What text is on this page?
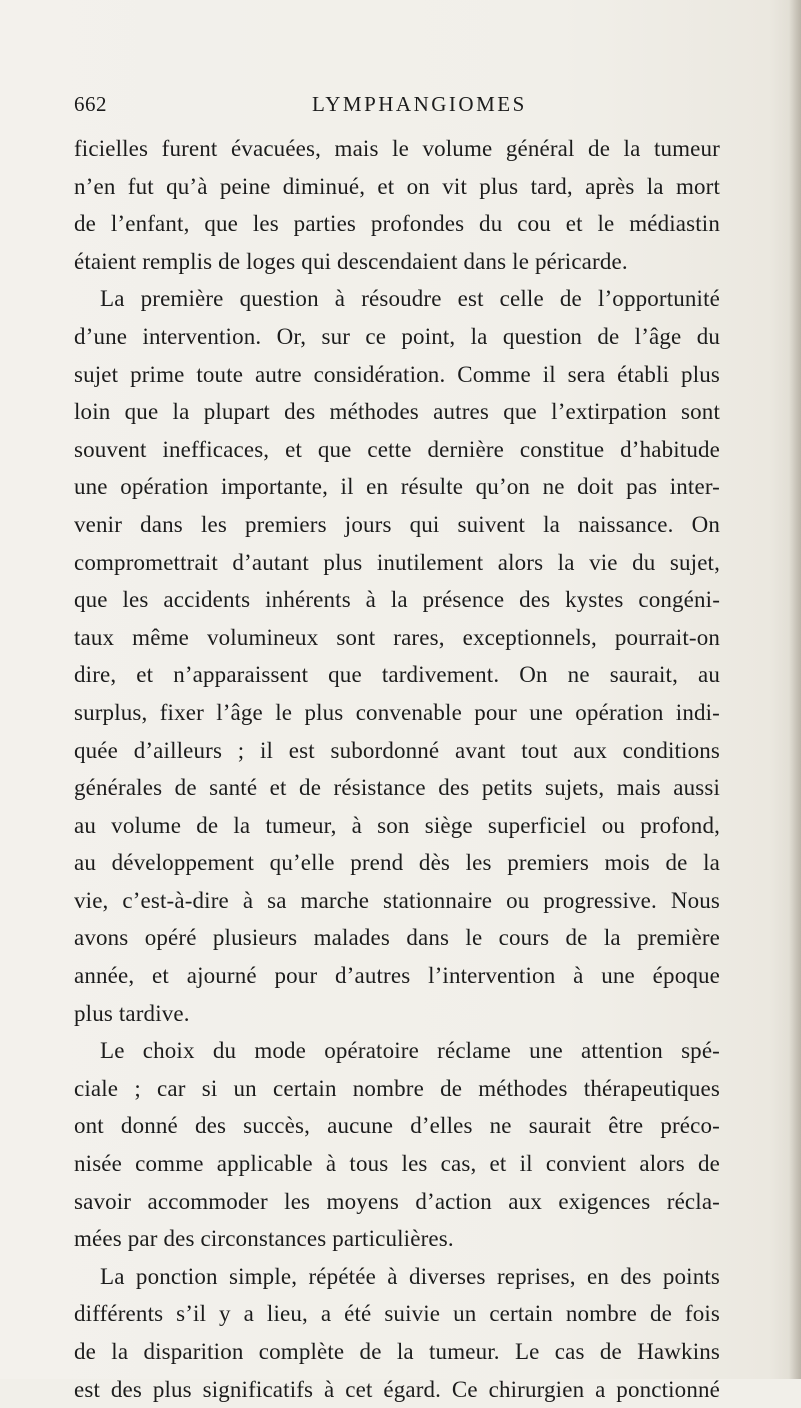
662	LYMPHANGIOMES
ficielles furent évacuées, mais le volume général de la tumeur
n’en fut qu’à peine diminué, et on vit plus tard, après la mort
de l’enfant, que les parties profondes du cou et le médiastin
étaient remplis de loges qui descendaient dans le péricarde.
La première question à résoudre est celle de l’opportunité
d’une intervention. Or, sur ce point, la question de l’âge du
sujet prime toute autre considération. Comme il sera établi plus
loin que la plupart des méthodes autres que l’extirpation sont
souvent inefficaces, et que cette dernière constitue d’habitude
une opération importante, il en résulte qu’on ne doit pas inter-
venir dans les premiers jours qui suivent la naissance. On
compromettrait d’autant plus inutilement alors la vie du sujet,
que les accidents inhérents à la présence des kystes congéni-
taux même volumineux sont rares, exceptionnels, pourrait-on
dire, et n’apparaissent que tardivement. On ne saurait, au
surplus, fixer l’âge le plus convenable pour une opération indi-
quée d’ailleurs ; il est subordonné avant tout aux conditions
générales de santé et de résistance des petits sujets, mais aussi
au volume de la tumeur, à son siège superficiel ou profond,
au développement qu’elle prend dès les premiers mois de la
vie, c’est-à-dire à sa marche stationnaire ou progressive. Nous
avons opéré plusieurs malades dans le cours de la première
année, et ajourné pour d’autres l’intervention à une époque
plus tardive.
Le choix du mode opératoire réclame une attention spé-
ciale ; car si un certain nombre de méthodes thérapeutiques
ont donné des succès, aucune d’elles ne saurait être préco-
nisée comme applicable à tous les cas, et il convient alors de
savoir accommoder les moyens d’action aux exigences récla-
mées par des circonstances particulières.
La ponction simple, répétée à diverses reprises, en des points
différents s’il y a lieu, a été suivie un certain nombre de fois
de la disparition complète de la tumeur. Le cas de Hawkins
est des plus significatifs à cet égard. Ce chirurgien a ponctionné
